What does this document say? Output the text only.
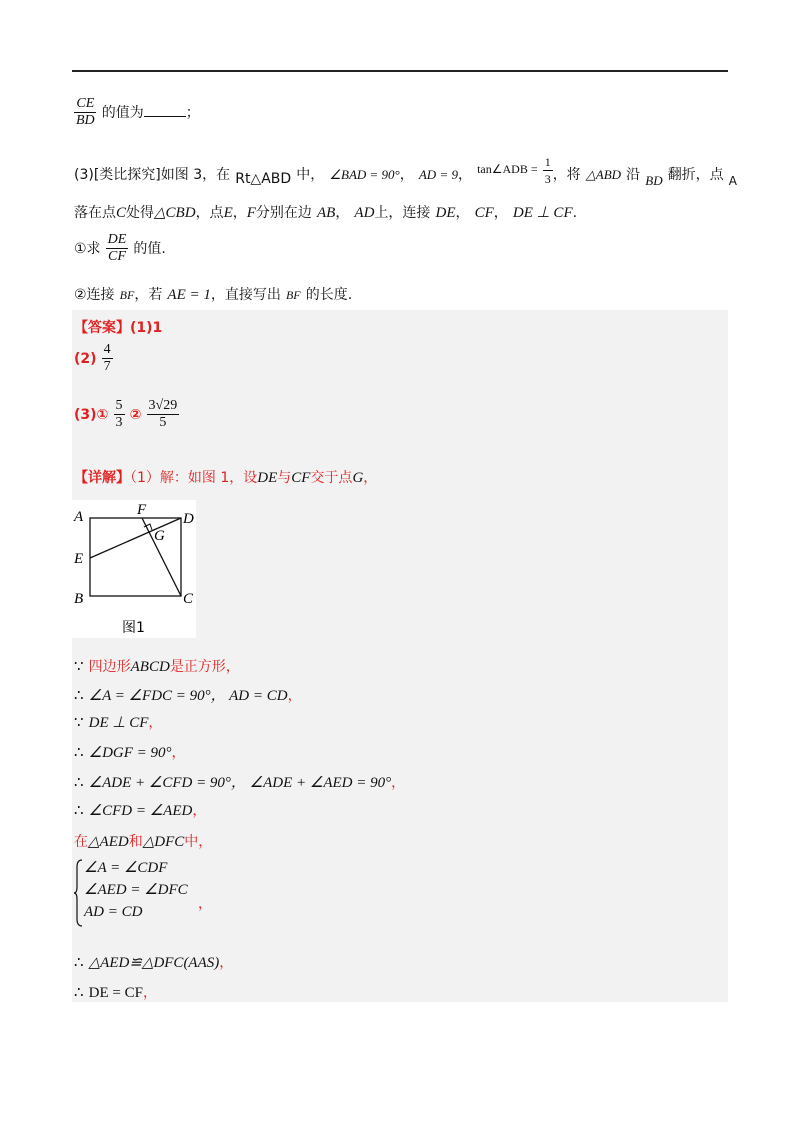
$\frac{CE}{BD}$ 的值为	；
(3)[类比探究]如图 3，在 Rt△ABD 中， ∠BAD = 90°， AD = 9， $^{tan\angle ADB =} \frac{1}{3}$ ，将 △ABD 沿 $_{BD}$ 翻折，点 $_A$
落在点C处得△CBD，点E，F分别在边 AB， AD上，连接 DE， CF， DE ⊥ CF.
①求 $\frac{DE}{CF}$ 的值.
②连接 BF，若 AE = 1，直接写出 BF 的长度.
【答案】(1)1
$(2) \frac{4}{7}$
(3)① $\frac{5}{3}$ ② $\frac{3√29}{5}$
【详解】（1）解：如图 1，设DE与CF交于点G，
A
B	C
D
E
F
G
图1
∵ 四边形ABCD是正方形，
∴ ∠A = ∠FDC = 90°， AD = CD，
∵ DE ⊥ CF，
∴ ∠DGF = 90°，
∴ ∠ADE + ∠CFD = 90°， ∠ADE + ∠AED = 90°，
∴ ∠CFD = ∠AED，
在△AED和△DFC中，
∠A = ∠CDF
∠AED = ∠DFC
AD = CD	，
∴ △AED≌△DFC(AAS)，
∴ DE = CF，
